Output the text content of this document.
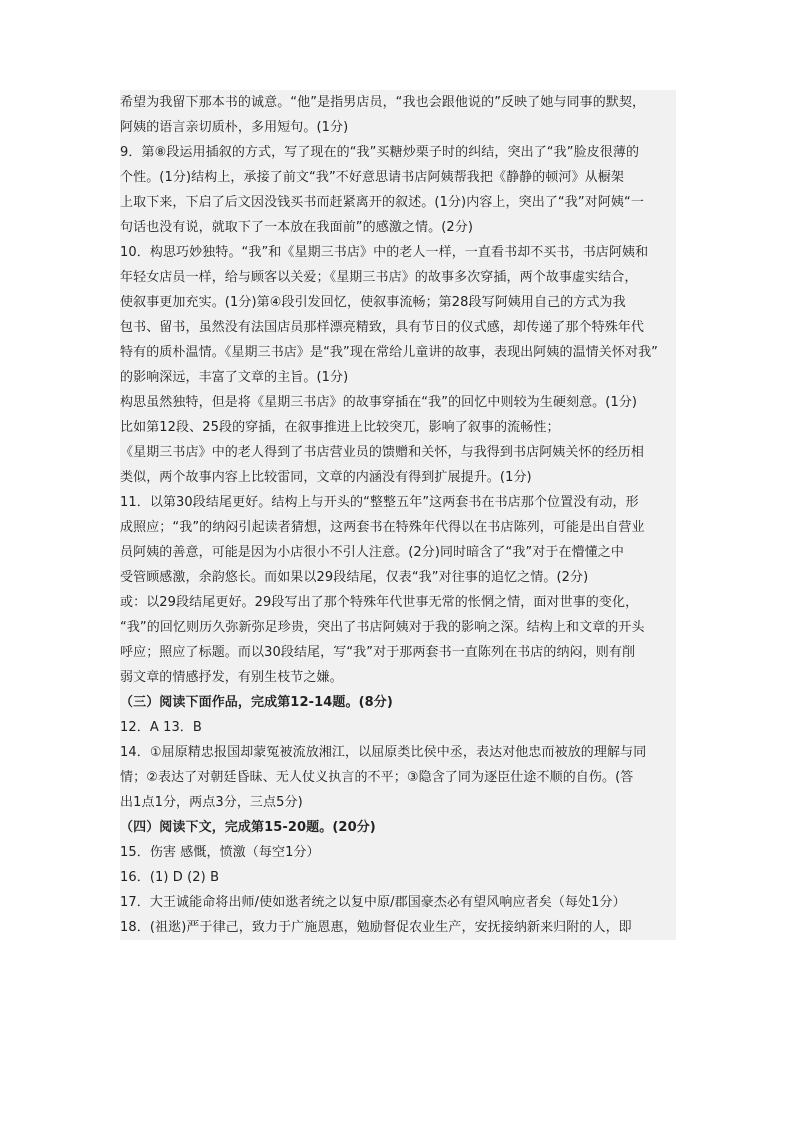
希望为我留下那本书的诚意。“他”是指男店员，“我也会跟他说的”反映了她与同事的默契，
阿姨的语言亲切质朴，多用短句。(1分)
9．第⑧段运用插叙的方式，写了现在的“我”买糖炒栗子时的纠结，突出了“我”脸皮很薄的
个性。(1分)结构上，承接了前文“我”不好意思请书店阿姨帮我把《静静的顿河》从橱架
上取下来，下启了后文因没钱买书而赶紧离开的叙述。(1分)内容上，突出了“我”对阿姨“一
句话也没有说，就取下了一本放在我面前”的感激之情。(2分)
10．构思巧妙独特。“我”和《星期三书店》中的老人一样，一直看书却不买书，书店阿姨和
年轻女店员一样，给与顾客以关爱；《星期三书店》的故事多次穿插，两个故事虚实结合，
使叙事更加充实。(1分)第④段引发回忆，使叙事流畅；第28段写阿姨用自己的方式为我
包书、留书，虽然没有法国店员那样漂亮精致，具有节日的仪式感，却传递了那个特殊年代
特有的质朴温情。《星期三书店》是“我”现在常给儿童讲的故事，表现出阿姨的温情关怀对我”
的影响深远，丰富了文章的主旨。(1分)
构思虽然独特，但是将《星期三书店》的故事穿插在“我”的回忆中则较为生硬刻意。(1分)
比如第12段、25段的穿插，在叙事推进上比较突兀，影响了叙事的流畅性；
《星期三书店》中的老人得到了书店营业员的馈赠和关怀，与我得到书店阿姨关怀的经历相
类似，两个故事内容上比较雷同，文章的内涵没有得到扩展提升。(1分)
11．以第30段结尾更好。结构上与开头的“整整五年”这两套书在书店那个位置没有动，形
成照应；“我”的纳闷引起读者猜想，这两套书在特殊年代得以在书店陈列，可能是出自营业
员阿姨的善意，可能是因为小店很小不引人注意。(2分)同时暗含了“我”对于在懵懂之中
受管顾感激，余韵悠长。而如果以29段结尾，仅表“我”对往事的追忆之情。(2分)
或：以29段结尾更好。29段写出了那个特殊年代世事无常的怅惘之情，面对世事的变化，
“我”的回忆则历久弥新弥足珍贵，突出了书店阿姨对于我的影响之深。结构上和文章的开头
呼应；照应了标题。而以30段结尾，写“我”对于那两套书一直陈列在书店的纳闷，则有削
弱文章的情感抒发，有别生枝节之嫌。
（三）阅读下面作品，完成第12-14题。(8分)
12．A 13．B
14．①屈原精忠报国却蒙冤被流放湘江，以屈原类比侯中丞，表达对他忠而被放的理解与同
情；②表达了对朝廷昏昧、无人仗义执言的不平；③隐含了同为逐臣仕途不顺的自伤。(答
出1点1分，两点3分，三点5分)
（四）阅读下文，完成第15-20题。(20分)
15．伤害 感慨，愤激（每空1分）
16．(1) D (2) B
17．大王诚能命将出师/使如逖者统之以复中原/郡国豪杰必有望风响应者矣（每处1分）
18．(祖逖)严于律己，致力于广施恩惠，勉励督促农业生产，安抚接纳新来归附的人，即
